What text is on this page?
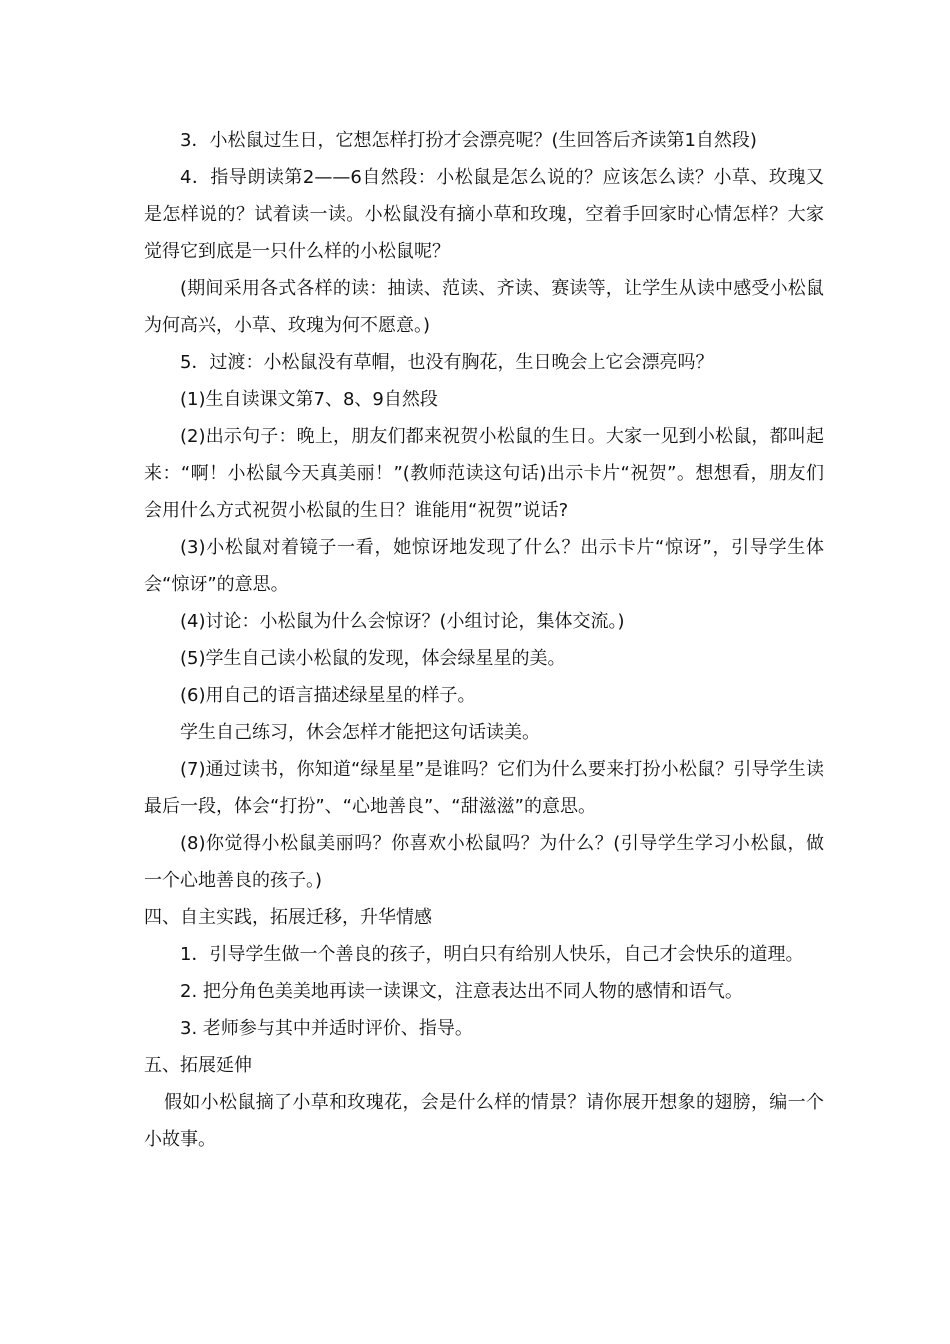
3．小松鼠过生日，它想怎样打扮才会漂亮呢？(生回答后齐读第1自然段)

4．指导朗读第2——6自然段：小松鼠是怎么说的？应该怎么读？小草、玫瑰又是怎样说的？试着读一读。小松鼠没有摘小草和玫瑰，空着手回家时心情怎样？大家觉得它到底是一只什么样的小松鼠呢？

(期间采用各式各样的读：抽读、范读、齐读、赛读等，让学生从读中感受小松鼠为何高兴，小草、玫瑰为何不愿意。)

5．过渡：小松鼠没有草帽，也没有胸花，生日晚会上它会漂亮吗？

(1)生自读课文第7、8、9自然段

(2)出示句子：晚上，朋友们都来祝贺小松鼠的生日。大家一见到小松鼠，都叫起来：“啊！小松鼠今天真美丽！”(教师范读这句话)出示卡片“祝贺”。想想看，朋友们会用什么方式祝贺小松鼠的生日？谁能用“祝贺”说话?

(3)小松鼠对着镜子一看，她惊讶地发现了什么？出示卡片“惊讶”，引导学生体会“惊讶”的意思。

(4)讨论：小松鼠为什么会惊讶？(小组讨论，集体交流。)

(5)学生自己读小松鼠的发现，体会绿星星的美。

(6)用自己的语言描述绿星星的样子。

学生自己练习，休会怎样才能把这句话读美。

(7)通过读书，你知道“绿星星”是谁吗？它们为什么要来打扮小松鼠？引导学生读最后一段，体会“打扮”、“心地善良”、“甜滋滋”的意思。

(8)你觉得小松鼠美丽吗？你喜欢小松鼠吗？为什么？(引导学生学习小松鼠，做一个心地善良的孩子。)

四、自主实践，拓展迁移，升华情感

1．引导学生做一个善良的孩子，明白只有给别人快乐，自己才会快乐的道理。

2. 把分角色美美地再读一读课文，注意表达出不同人物的感情和语气。

3. 老师参与其中并适时评价、指导。

五、拓展延伸

假如小松鼠摘了小草和玫瑰花，会是什么样的情景？请你展开想象的翅膀，编一个小故事。
